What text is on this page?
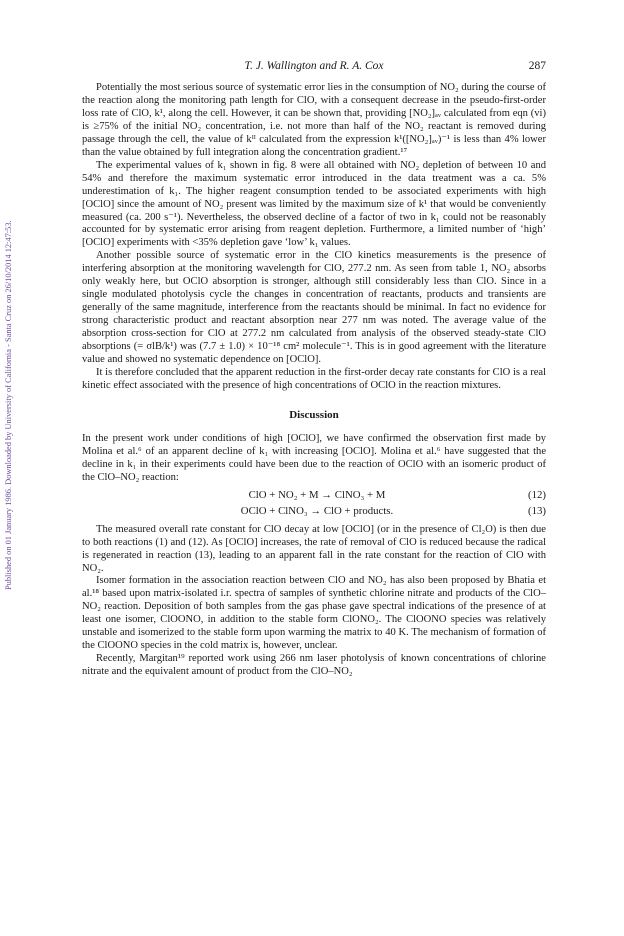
Published on 01 January 1986. Downloaded by University of California - Santa Cruz on 26/10/2014 12:47:53.
T. J. Wallington and R. A. Cox	287

Potentially the most serious source of systematic error lies in the consumption of NO₂ during the course of the reaction along the monitoring path length for ClO, with a consequent decrease in the pseudo-first-order loss rate of ClO, k¹, along the cell. However, it can be shown that, providing [NO₂]ₐᵥ calculated from eqn (vi) is ≥75% of the initial NO₂ concentration, i.e. not more than half of the NO₂ reactant is removed during passage through the cell, the value of kᴵᴵ calculated from the expression k¹([NO₂]ₐᵥ)⁻¹ is less than 4% lower than the value obtained by full integration along the concentration gradient.¹⁷

The experimental values of k₁ shown in fig. 8 were all obtained with NO₂ depletion of between 10 and 54% and therefore the maximum systematic error introduced in the data treatment was a ca. 5% underestimation of k₁. The higher reagent consumption tended to be associated experiments with high [OClO] since the amount of NO₂ present was limited by the maximum size of k¹ that would be conveniently measured (ca. 200 s⁻¹). Nevertheless, the observed decline of a factor of two in k₁ could not be reasonably accounted for by systematic error arising from reagent depletion. Furthermore, a limited number of ‘high’ [OClO] experiments with <35% depletion gave ‘low’ k₁ values.

Another possible source of systematic error in the ClO kinetics measurements is the presence of interfering absorption at the monitoring wavelength for ClO, 277.2 nm. As seen from table 1, NO₂ absorbs only weakly here, but OClO absorption is stronger, although still considerably less than ClO. Since in a single modulated photolysis cycle the changes in concentration of reactants, products and transients are generally of the same magnitude, interference from the reactants should be minimal. In fact no evidence for strong characteristic product and reactant absorption near 277 nm was noted. The average value of the absorption cross-section for ClO at 277.2 nm calculated from analysis of the observed steady-state ClO absorptions (= σlB/k¹) was (7.7 ± 1.0) × 10⁻¹⁸ cm² molecule⁻¹. This is in good agreement with the literature value and showed no systematic dependence on [OClO].

It is therefore concluded that the apparent reduction in the first-order decay rate constants for ClO is a real kinetic effect associated with the presence of high concentrations of OClO in the reaction mixtures.

Discussion

In the present work under conditions of high [OClO], we have confirmed the observation first made by Molina et al.⁶ of an apparent decline of k₁ with increasing [OClO]. Molina et al.⁶ have suggested that the decline in k₁ in their experiments could have been due to the reaction of OClO with an isomeric product of the ClO–NO₂ reaction:

ClO + NO₂ + M → ClNO₃ + M	(12)
OClO + ClNO₃ → ClO + products.	(13)

The measured overall rate constant for ClO decay at low [OClO] (or in the presence of Cl₂O) is then due to both reactions (1) and (12). As [OClO] increases, the rate of removal of ClO is reduced because the radical is regenerated in reaction (13), leading to an apparent fall in the rate constant for the reaction of ClO with NO₂.

Isomer formation in the association reaction between ClO and NO₂ has also been proposed by Bhatia et al.¹⁸ based upon matrix-isolated i.r. spectra of samples of synthetic chlorine nitrate and products of the ClO–NO₂ reaction. Deposition of both samples from the gas phase gave spectral indications of the presence of at least one isomer, ClOONO, in addition to the stable form ClONO₂. The ClOONO species was relatively unstable and isomerized to the stable form upon warming the matrix to 40 K. The mechanism of formation of the ClOONO species in the cold matrix is, however, unclear.

Recently, Margitan¹⁹ reported work using 266 nm laser photolysis of known concentrations of chlorine nitrate and the equivalent amount of product from the ClO–NO₂
